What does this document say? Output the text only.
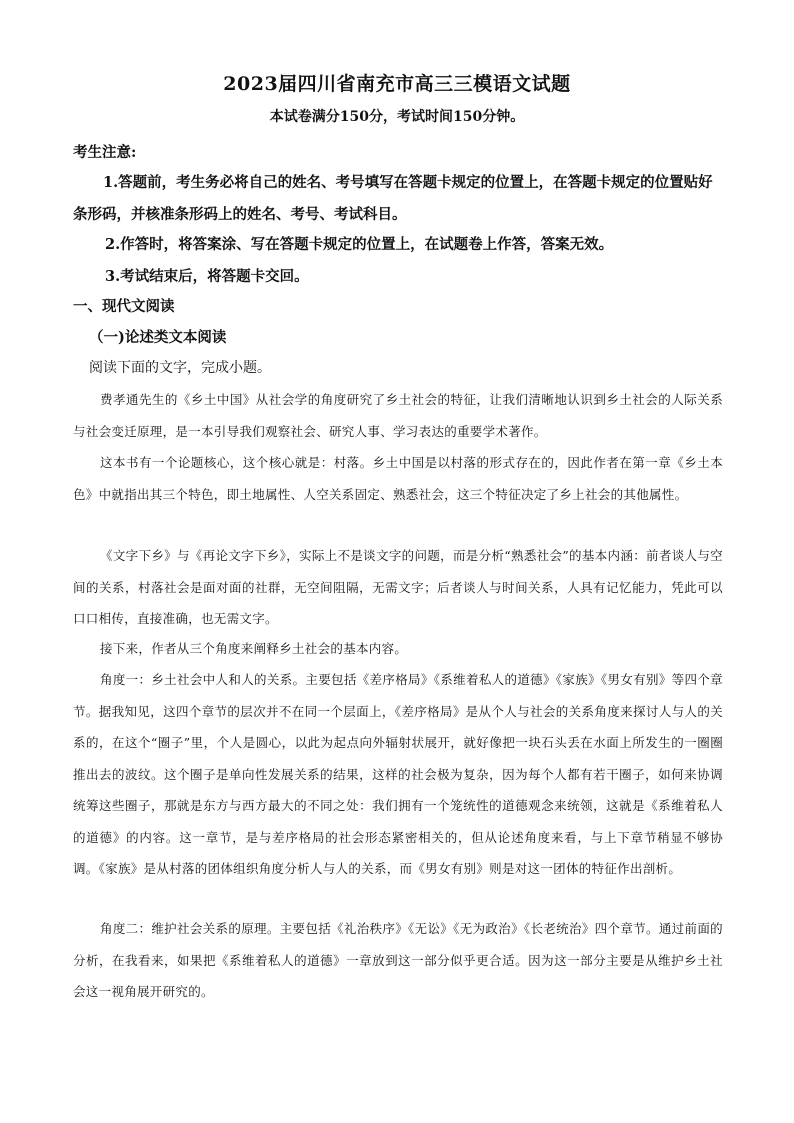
2023届四川省南充市高三三模语文试题
本试卷满分150分，考试时间150分钟。
考生注意:
1.答题前，考生务必将自己的姓名、考号填写在答题卡规定的位置上，在答题卡规定的位置贴好条形码，并核准条形码上的姓名、考号、考试科目。
2.作答时，将答案涂、写在答题卡规定的位置上，在试题卷上作答，答案无效。
3.考试结束后，将答题卡交回。
一、现代文阅读
（一)论述类文本阅读
阅读下面的文字，完成小题。
费孝通先生的《乡土中国》从社会学的角度研究了乡土社会的特征，让我们清晰地认识到乡土社会的人际关系与社会变迁原理，是一本引导我们观察社会、研究人事、学习表达的重要学术著作。
这本书有一个论题核心，这个核心就是：村落。乡土中国是以村落的形式存在的，因此作者在第一章《乡土本色》中就指出其三个特色，即土地属性、人空关系固定、熟悉社会，这三个特征决定了乡上社会的其他属性。
《文字下乡》与《再论文字下乡》，实际上不是谈文字的问题，而是分析“熟悉社会”的基本内涵：前者谈人与空间的关系，村落社会是面对面的社群，无空间阻隔，无需文字；后者谈人与时间关系，人具有记忆能力，凭此可以口口相传，直接准确，也无需文字。
接下来，作者从三个角度来阐释乡土社会的基本内容。
角度一：乡土社会中人和人的关系。主要包括《差序格局》《系维着私人的道德》《家族》《男女有别》等四个章节。据我知见，这四个章节的层次并不在同一个层面上，《差序格局》是从个人与社会的关系角度来探讨人与人的关系的，在这个“圈子”里，个人是圆心，以此为起点向外辐射状展开，就好像把一块石头丢在水面上所发生的一圈圈推出去的波纹。这个圈子是单向性发展关系的结果，这样的社会极为复杂，因为每个人都有若干圈子，如何来协调统筹这些圈子，那就是东方与西方最大的不同之处：我们拥有一个笼统性的道德观念来统领，这就是《系维着私人的道德》的内容。这一章节，是与差序格局的社会形态紧密相关的，但从论述角度来看，与上下章节稍显不够协调。《家族》是从村落的团体组织角度分析人与人的关系，而《男女有别》则是对这一团体的特征作出剖析。
角度二：维护社会关系的原理。主要包括《礼治秩序》《无讼》《无为政治》《长老统治》四个章节。通过前面的分析，在我看来，如果把《系维着私人的道德》一章放到这一部分似乎更合适。因为这一部分主要是从维护乡土社会这一视角展开研究的。
